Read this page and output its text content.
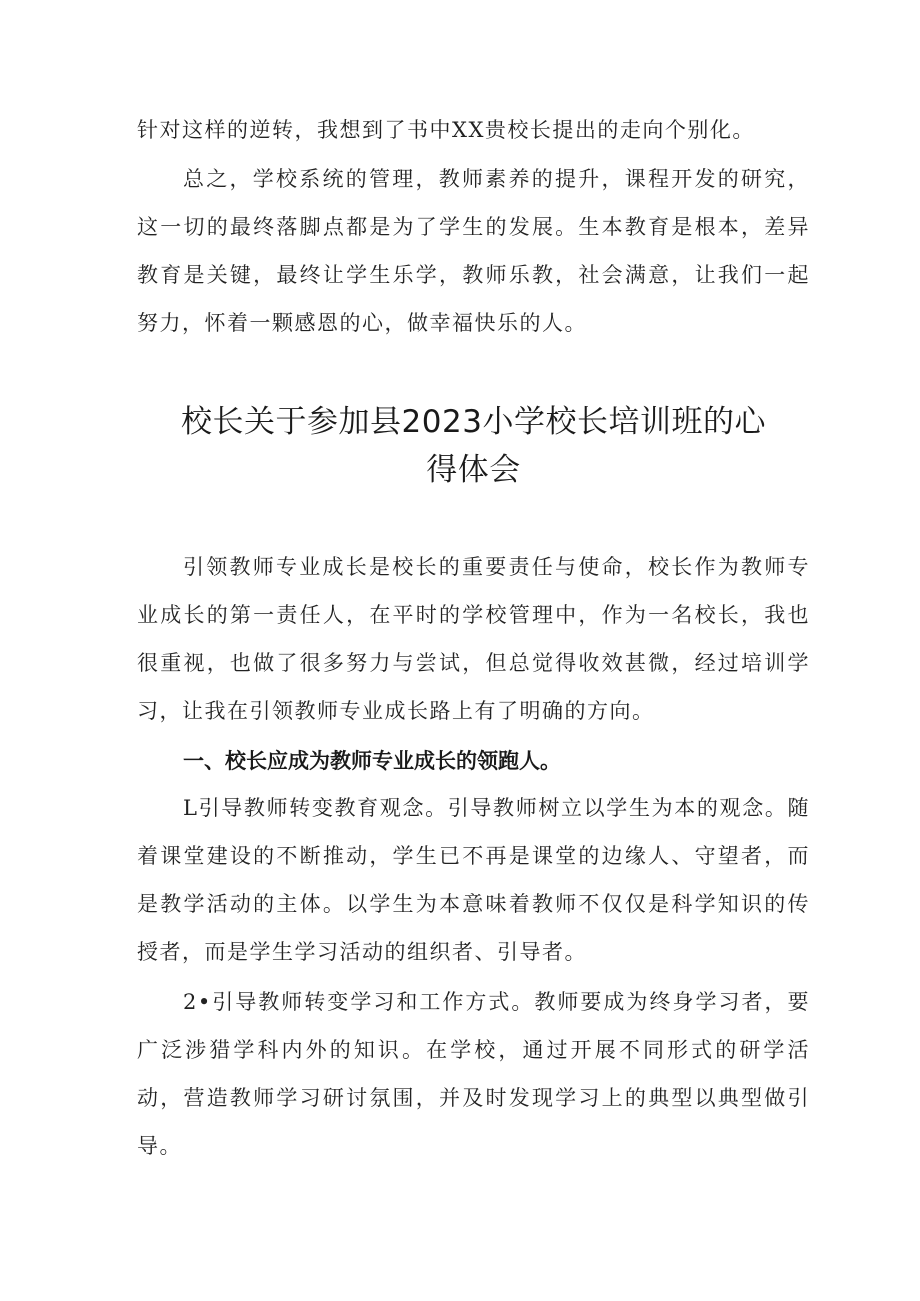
针对这样的逆转，我想到了书中XX贵校长提出的走向个别化。

总之，学校系统的管理，教师素养的提升，课程开发的研究，这一切的最终落脚点都是为了学生的发展。生本教育是根本，差异教育是关键，最终让学生乐学，教师乐教，社会满意，让我们一起努力，怀着一颗感恩的心，做幸福快乐的人。

校长关于参加县2023小学校长培训班的心
得体会

引领教师专业成长是校长的重要责任与使命，校长作为教师专业成长的第一责任人，在平时的学校管理中，作为一名校长，我也很重视，也做了很多努力与尝试，但总觉得收效甚微，经过培训学习，让我在引领教师专业成长路上有了明确的方向。

一、校长应成为教师专业成长的领跑人。

L引导教师转变教育观念。引导教师树立以学生为本的观念。随着课堂建设的不断推动，学生已不再是课堂的边缘人、守望者，而是教学活动的主体。以学生为本意味着教师不仅仅是科学知识的传授者，而是学生学习活动的组织者、引导者。

2•引导教师转变学习和工作方式。教师要成为终身学习者，要广泛涉猎学科内外的知识。在学校，通过开展不同形式的研学活动，营造教师学习研讨氛围，并及时发现学习上的典型以典型做引导。
